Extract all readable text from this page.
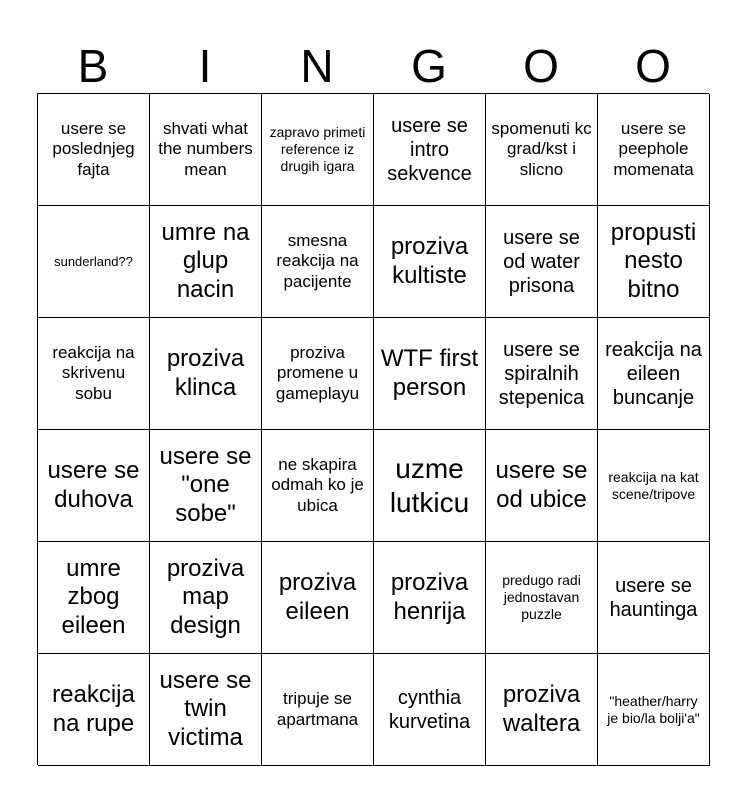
B	I	N	G	O	O
usere se poslednjeg fajta
shvati what the numbers mean
zapravo primeti reference iz drugih igara
usere se intro sekvence
spomenuti kc grad/kst i slicno
usere se peephole momenata
sunderland??
umre na glup nacin
smesna reakcija na pacijente
proziva kultiste
usere se od water prisona
propusti nesto bitno
reakcija na skrivenu sobu
proziva klinca
proziva promene u gameplayu
WTF first person
usere se spiralnih stepenica
reakcija na eileen buncanje
usere se duhova
usere se "one sobe"
ne skapira odmah ko je ubica
uzme lutkicu
usere se od ubice
reakcija na kat scene/tripove
umre zbog eileen
proziva map design
proziva eileen
proziva henrija
predugo radi jednostavan puzzle
usere se hauntinga
reakcija na rupe
usere se twin victima
tripuje se apartmana
cynthia kurvetina
proziva waltera
"heather/harry je bio/la bolji'a"
